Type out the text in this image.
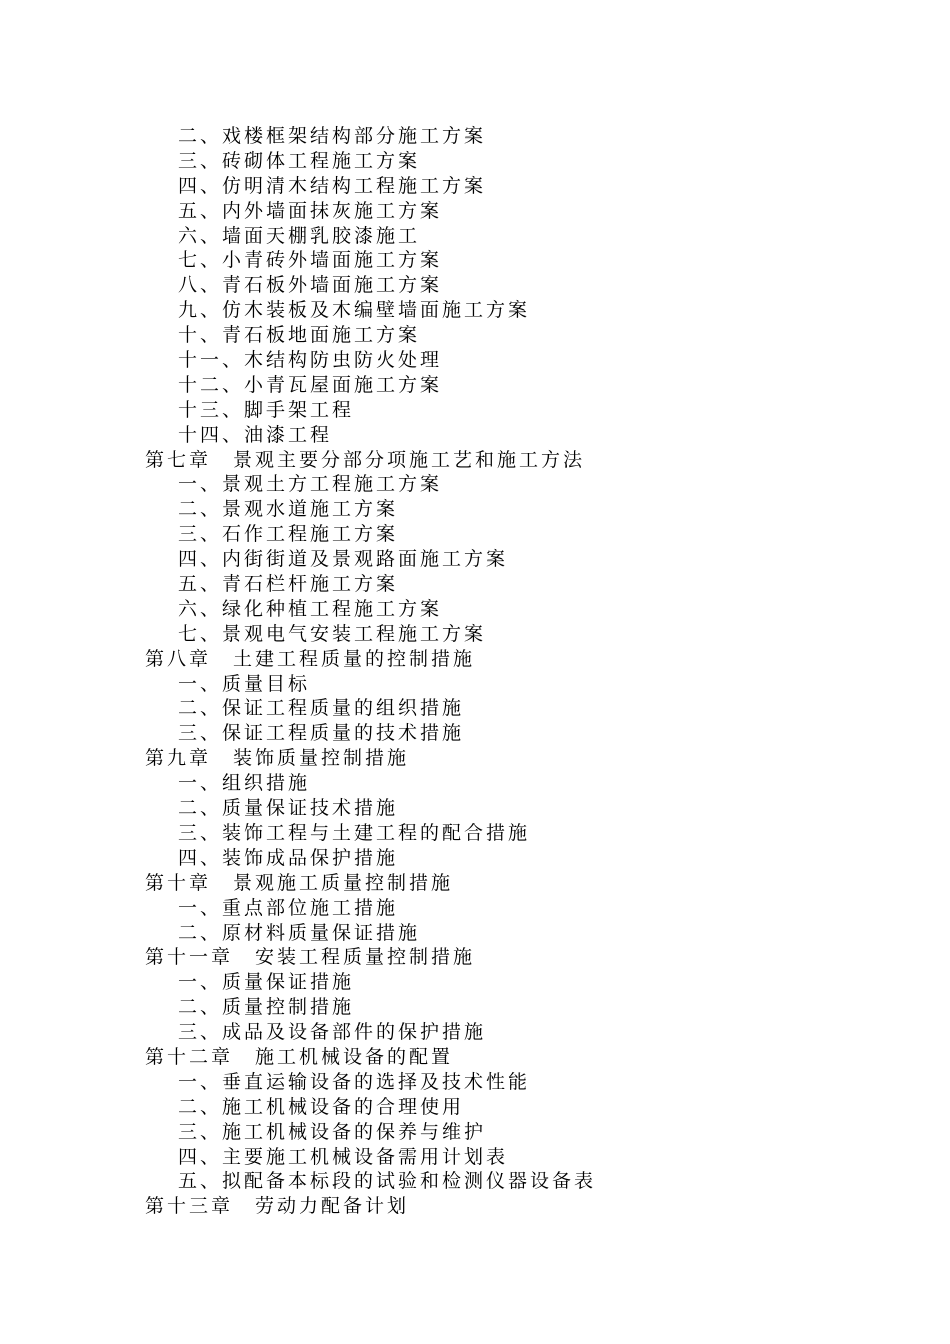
二、戏楼框架结构部分施工方案
三、砖砌体工程施工方案
四、仿明清木结构工程施工方案
五、内外墙面抹灰施工方案
六、墙面天棚乳胶漆施工
七、小青砖外墙面施工方案
八、青石板外墙面施工方案
九、仿木装板及木编壁墙面施工方案
十、青石板地面施工方案
十一、木结构防虫防火处理
十二、小青瓦屋面施工方案
十三、脚手架工程
十四、油漆工程
第七章 景观主要分部分项施工艺和施工方法
一、景观土方工程施工方案
二、景观水道施工方案
三、石作工程施工方案
四、内街街道及景观路面施工方案
五、青石栏杆施工方案
六、绿化种植工程施工方案
七、景观电气安装工程施工方案
第八章 土建工程质量的控制措施
一、质量目标
二、保证工程质量的组织措施
三、保证工程质量的技术措施
第九章 装饰质量控制措施
一、组织措施
二、质量保证技术措施
三、装饰工程与土建工程的配合措施
四、装饰成品保护措施
第十章 景观施工质量控制措施
一、重点部位施工措施
二、原材料质量保证措施
第十一章 安装工程质量控制措施
一、质量保证措施
二、质量控制措施
三、成品及设备部件的保护措施
第十二章 施工机械设备的配置
一、垂直运输设备的选择及技术性能
二、施工机械设备的合理使用
三、施工机械设备的保养与维护
四、主要施工机械设备需用计划表
五、拟配备本标段的试验和检测仪器设备表
第十三章 劳动力配备计划
